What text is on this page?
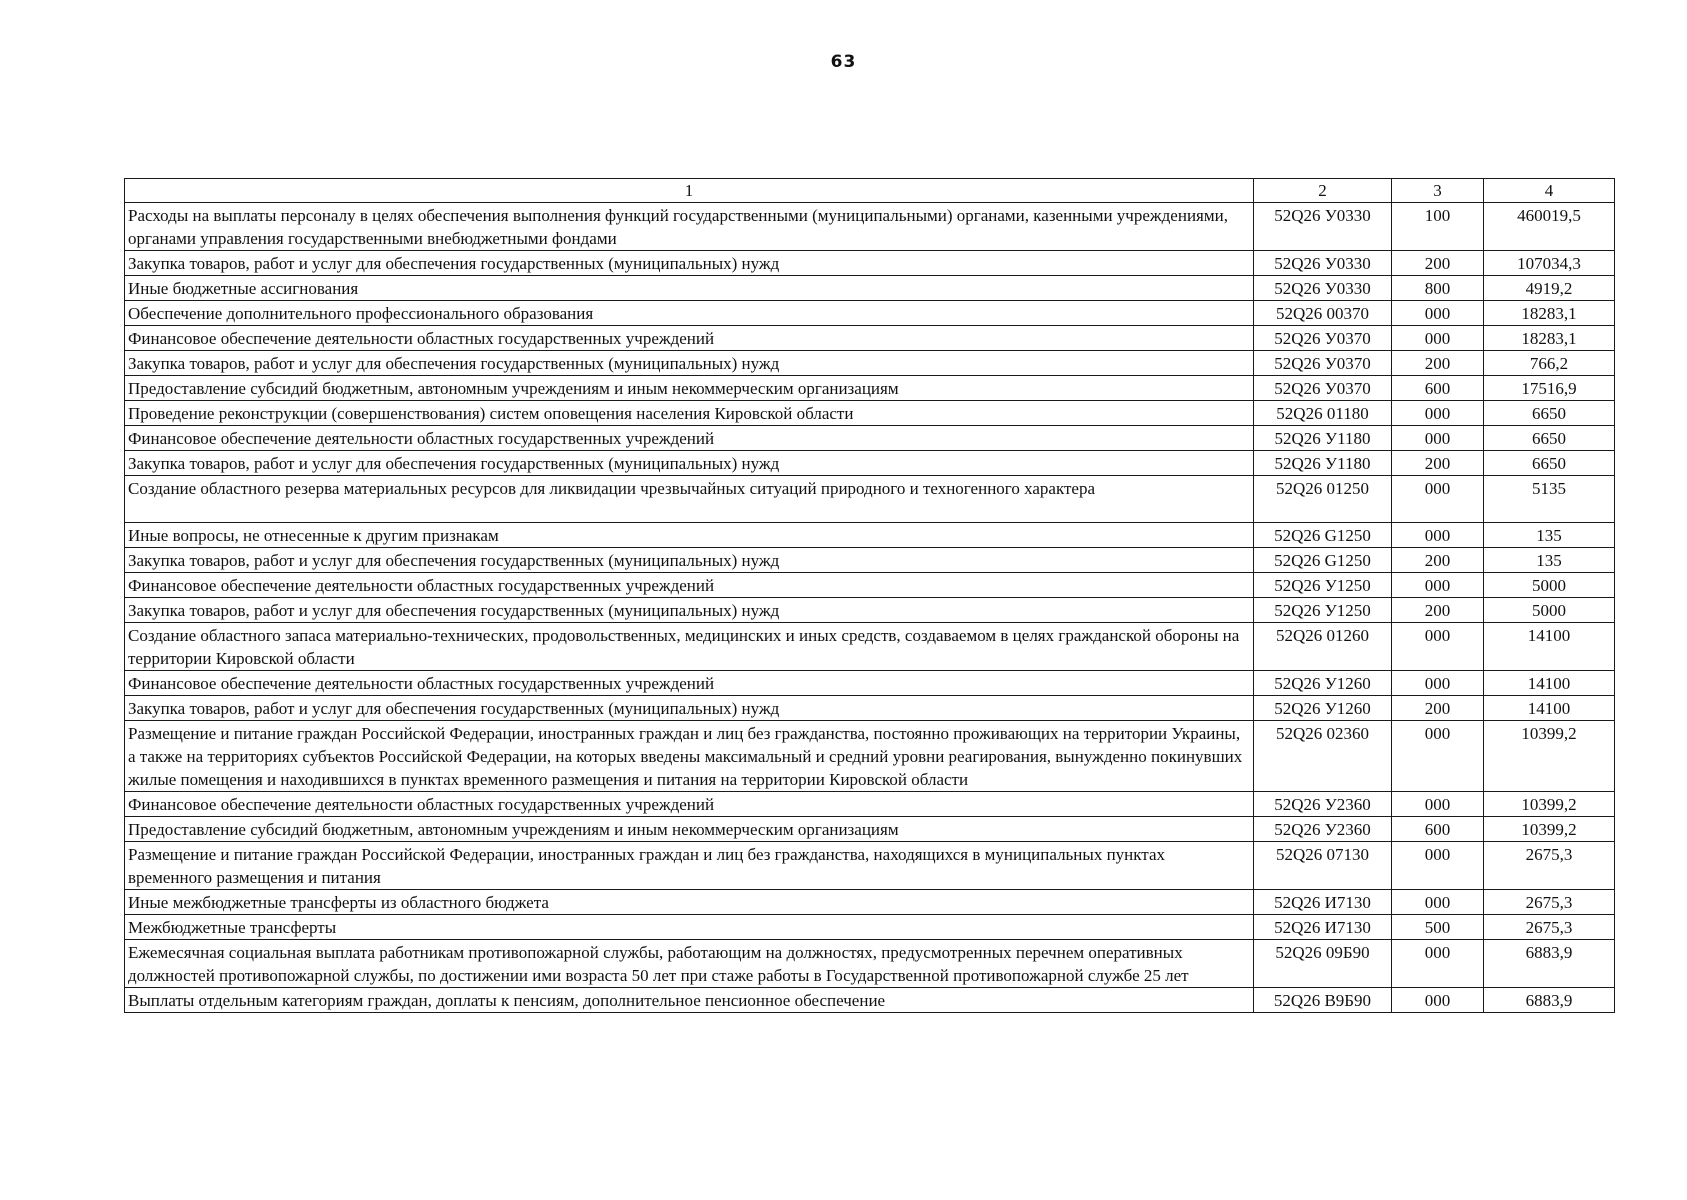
63
1	2	3	4
Расходы на выплаты персоналу в целях обеспечения выполнения функций государственными (муниципальными) органами, казенными учреждениями, органами управления государственными внебюджетными фондами	52Q26 У0330	100	460019,5
Закупка товаров, работ и услуг для обеспечения государственных (муниципальных) нужд	52Q26 У0330	200	107034,3
Иные бюджетные ассигнования	52Q26 У0330	800	4919,2
Обеспечение дополнительного профессионального образования	52Q26 00370	000	18283,1
Финансовое обеспечение деятельности областных государственных учреждений	52Q26 У0370	000	18283,1
Закупка товаров, работ и услуг для обеспечения государственных (муниципальных) нужд	52Q26 У0370	200	766,2
Предоставление субсидий бюджетным, автономным учреждениям и иным некоммерческим организациям	52Q26 У0370	600	17516,9
Проведение реконструкции (совершенствования) систем оповещения населения Кировской области	52Q26 01180	000	6650
Финансовое обеспечение деятельности областных государственных учреждений	52Q26 У1180	000	6650
Закупка товаров, работ и услуг для обеспечения государственных (муниципальных) нужд	52Q26 У1180	200	6650
Создание областного резерва материальных ресурсов для ликвидации чрезвычайных ситуаций природного и техногенного характера	52Q26 01250	000	5135
Иные вопросы, не отнесенные к другим признакам	52Q26 G1250	000	135
Закупка товаров, работ и услуг для обеспечения государственных (муниципальных) нужд	52Q26 G1250	200	135
Финансовое обеспечение деятельности областных государственных учреждений	52Q26 У1250	000	5000
Закупка товаров, работ и услуг для обеспечения государственных (муниципальных) нужд	52Q26 У1250	200	5000
Создание областного запаса материально-технических, продовольственных, медицинских и иных средств, создаваемом в целях гражданской обороны на территории Кировской области	52Q26 01260	000	14100
Финансовое обеспечение деятельности областных государственных учреждений	52Q26 У1260	000	14100
Закупка товаров, работ и услуг для обеспечения государственных (муниципальных) нужд	52Q26 У1260	200	14100
Размещение и питание граждан Российской Федерации, иностранных граждан и лиц без гражданства, постоянно проживающих на территории Украины, а также на территориях субъектов Российской Федерации, на которых введены максимальный и средний уровни реагирования, вынужденно покинувших жилые помещения и находившихся в пунктах временного размещения и питания на территории Кировской области	52Q26 02360	000	10399,2
Финансовое обеспечение деятельности областных государственных учреждений	52Q26 У2360	000	10399,2
Предоставление субсидий бюджетным, автономным учреждениям и иным некоммерческим организациям	52Q26 У2360	600	10399,2
Размещение и питание граждан Российской Федерации, иностранных граждан и лиц без гражданства, находящихся в муниципальных пунктах временного размещения и питания	52Q26 07130	000	2675,3
Иные межбюджетные трансферты из областного бюджета	52Q26 И7130	000	2675,3
Межбюджетные трансферты	52Q26 И7130	500	2675,3
Ежемесячная социальная выплата работникам противопожарной службы, работающим на должностях, предусмотренных перечнем оперативных должностей противопожарной службы, по достижении ими возраста 50 лет при стаже работы в Государственной противопожарной службе 25 лет	52Q26 09Б90	000	6883,9
Выплаты отдельным категориям граждан, доплаты к пенсиям, дополнительное пенсионное обеспечение	52Q26 В9Б90	000	6883,9
